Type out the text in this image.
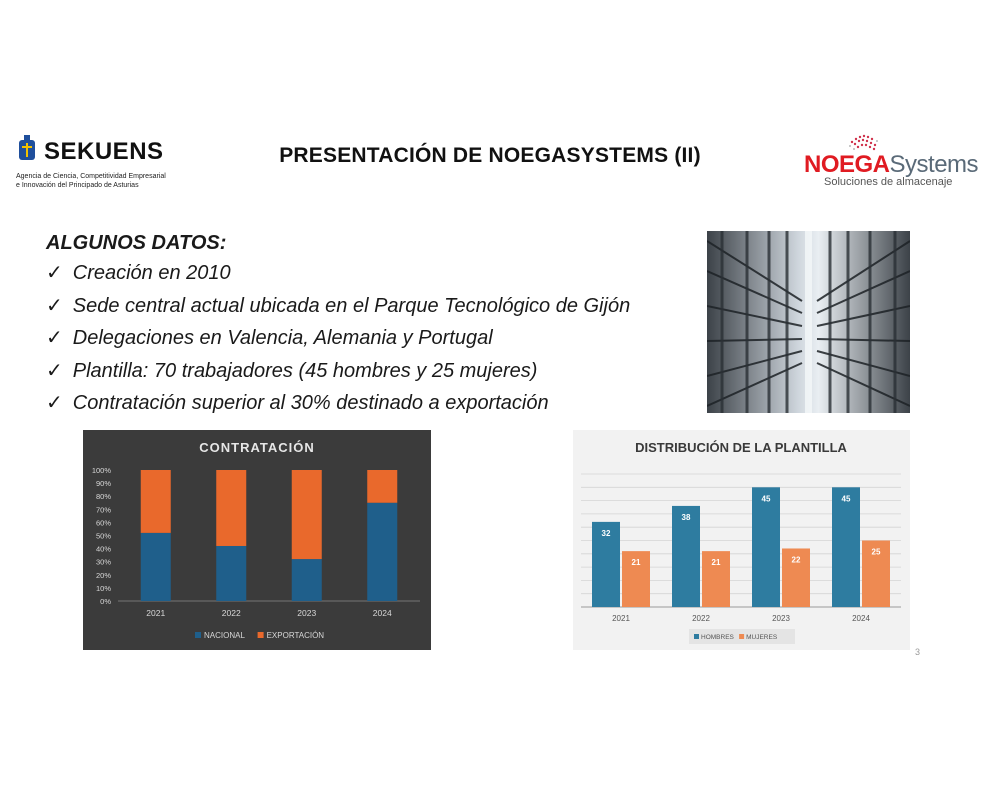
SEKUENS
Agencia de Ciencia, Competitividad Empresarial
e Innovación del Principado de Asturias
PRESENTACIÓN DE NOEGASYSTEMS (II)	NOEGASystems
Soluciones de almacenaje
ALGUNOS DATOS:
✓ Creación en 2010
✓ Sede central actual ubicada en el Parque Tecnológico de Gijón
✓ Delegaciones en Valencia, Alemania y Portugal
✓ Plantilla: 70 trabajadores (45 hombres y 25 mujeres)
✓ Contratación superior al 30% destinado a exportación
CONTRATACIÓN
0%
10%
20%
30%
40%
50%
60%
70%
80%
90%
100%
2021	2022	2023	2024
NACIONAL	EXPORTACIÓN
DISTRIBUCIÓN DE LA PLANTILLA
32
21
2021
38
21
2022
45
22
2023
45
25
2024
HOMBRES MUJERES
3
